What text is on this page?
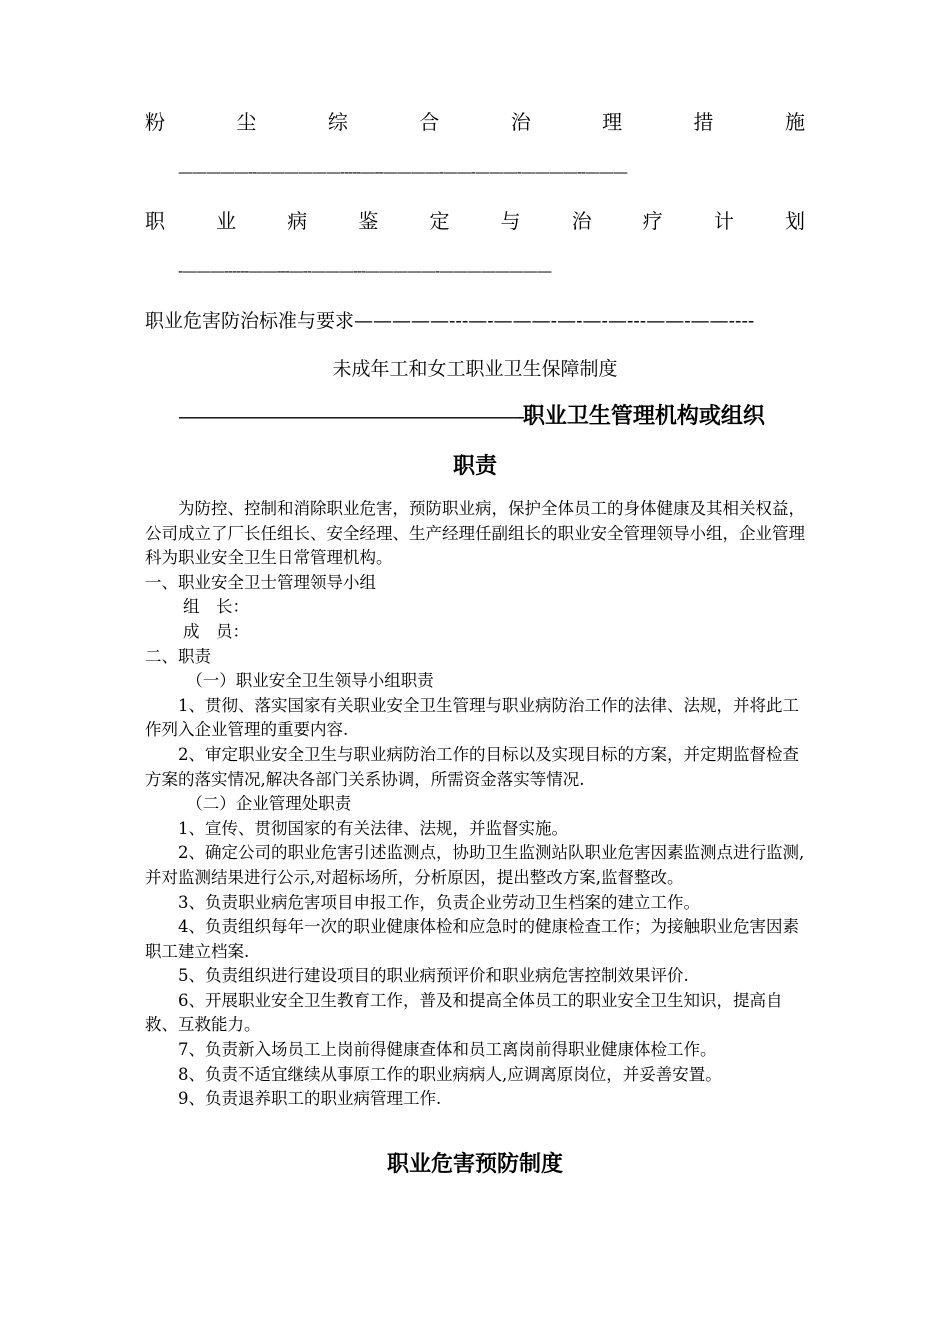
粉	尘	综	合	治	理	措	施
—————--——————-----—--————-——-———-————--———
职	业	病	鉴	定	与	治	疗	计	划
-———------——---—--———---—————-————————
职业危害防治标准与要求—————---—-———-—-—-—---——-——----
未成年工和女工职业卫生保障制度
————————————————————-职业卫生管理机构或组织
职责

为防控、控制和消除职业危害，预防职业病，保护全体员工的身体健康及其相关权益，公司成立了厂长任组长、安全经理、生产经理任副组长的职业安全管理领导小组，企业管理科为职业安全卫生日常管理机构。

一、职业安全卫士管理领导小组

组　长：

成　员：

二、职责

（一）职业安全卫生领导小组职责

1、贯彻、落实国家有关职业安全卫生管理与职业病防治工作的法律、法规，并将此工作列入企业管理的重要内容.

2、审定职业安全卫生与职业病防治工作的目标以及实现目标的方案，并定期监督检查方案的落实情况,解决各部门关系协调，所需资金落实等情况.

（二）企业管理处职责

1、宣传、贯彻国家的有关法律、法规，并监督实施。

2、确定公司的职业危害引述监测点，协助卫生监测站队职业危害因素监测点进行监测,并对监测结果进行公示,对超标场所，分析原因，提出整改方案,监督整改。

3、负责职业病危害项目申报工作，负责企业劳动卫生档案的建立工作。

4、负责组织每年一次的职业健康体检和应急时的健康检查工作；为接触职业危害因素职工建立档案.

5、负责组织进行建设项目的职业病预评价和职业病危害控制效果评价.

6、开展职业安全卫生教育工作，普及和提高全体员工的职业安全卫生知识，提高自救、互救能力。

7、负责新入场员工上岗前得健康查体和员工离岗前得职业健康体检工作。

8、负责不适宜继续从事原工作的职业病病人,应调离原岗位，并妥善安置。

9、负责退养职工的职业病管理工作.

职业危害预防制度
